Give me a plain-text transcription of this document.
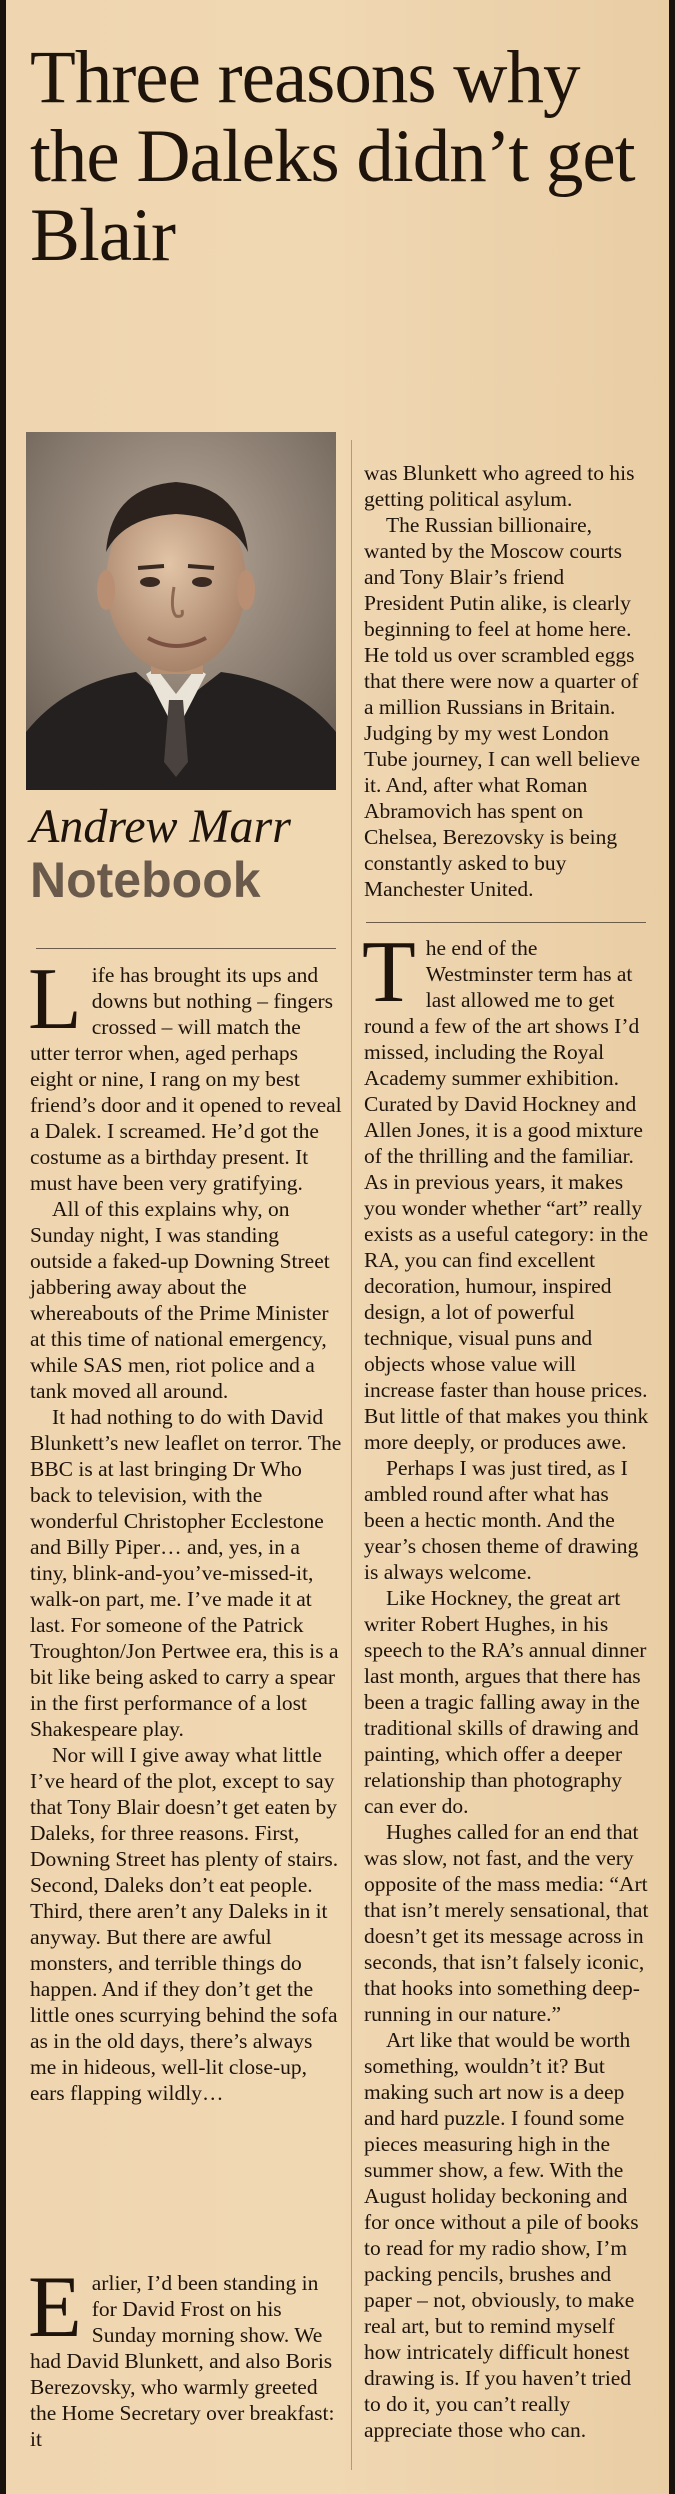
Three reasons why the Daleks didn’t get Blair
Andrew Marr
Notebook

Life has brought its ups and downs but nothing – fingers crossed – will match the utter terror when, aged perhaps eight or nine, I rang on my best friend’s door and it opened to reveal a Dalek. I screamed. He’d got the costume as a birthday present. It must have been very gratifying.

All of this explains why, on Sunday night, I was standing outside a faked-up Downing Street jabbering away about the whereabouts of the Prime Minister at this time of national emergency, while SAS men, riot police and a tank moved all around.

It had nothing to do with David Blunkett’s new leaflet on terror. The BBC is at last bringing Dr Who back to television, with the wonderful Christopher Ecclestone and Billy Piper… and, yes, in a tiny, blink-and-you’ve-missed-it, walk-on part, me. I’ve made it at last. For someone of the Patrick Troughton/Jon Pertwee era, this is a bit like being asked to carry a spear in the first performance of a lost Shakespeare play.

Nor will I give away what little I’ve heard of the plot, except to say that Tony Blair doesn’t get eaten by Daleks, for three reasons. First, Downing Street has plenty of stairs. Second, Daleks don’t eat people. Third, there aren’t any Daleks in it anyway. But there are awful monsters, and terrible things do happen. And if they don’t get the little ones scurrying behind the sofa as in the old days, there’s always me in hideous, well-lit close-up, ears flapping wildly…

Earlier, I’d been standing in for David Frost on his Sunday morning show. We had David Blunkett, and also Boris Berezovsky, who warmly greeted the Home Secretary over breakfast: it

was Blunkett who agreed to his getting political asylum.

The Russian billionaire, wanted by the Moscow courts and Tony Blair’s friend President Putin alike, is clearly beginning to feel at home here. He told us over scrambled eggs that there were now a quarter of a million Russians in Britain. Judging by my west London Tube journey, I can well believe it. And, after what Roman Abramovich has spent on Chelsea, Berezovsky is being constantly asked to buy Manchester United.

The end of the Westminster term has at last allowed me to get round a few of the art shows I’d missed, including the Royal Academy summer exhibition. Curated by David Hockney and Allen Jones, it is a good mixture of the thrilling and the familiar. As in previous years, it makes you wonder whether “art” really exists as a useful category: in the RA, you can find excellent decoration, humour, inspired design, a lot of powerful technique, visual puns and objects whose value will increase faster than house prices. But little of that makes you think more deeply, or produces awe.

Perhaps I was just tired, as I ambled round after what has been a hectic month. And the year’s chosen theme of drawing is always welcome.

Like Hockney, the great art writer Robert Hughes, in his speech to the RA’s annual dinner last month, argues that there has been a tragic falling away in the traditional skills of drawing and painting, which offer a deeper relationship than photography can ever do.

Hughes called for an end that was slow, not fast, and the very opposite of the mass media: “Art that isn’t merely sensational, that doesn’t get its message across in seconds, that isn’t falsely iconic, that hooks into something deep-running in our nature.”

Art like that would be worth something, wouldn’t it? But making such art now is a deep and hard puzzle. I found some pieces measuring high in the summer show, a few. With the August holiday beckoning and for once without a pile of books to read for my radio show, I’m packing pencils, brushes and paper – not, obviously, to make real art, but to remind myself how intricately difficult honest drawing is. If you haven’t tried to do it, you can’t really appreciate those who can.
